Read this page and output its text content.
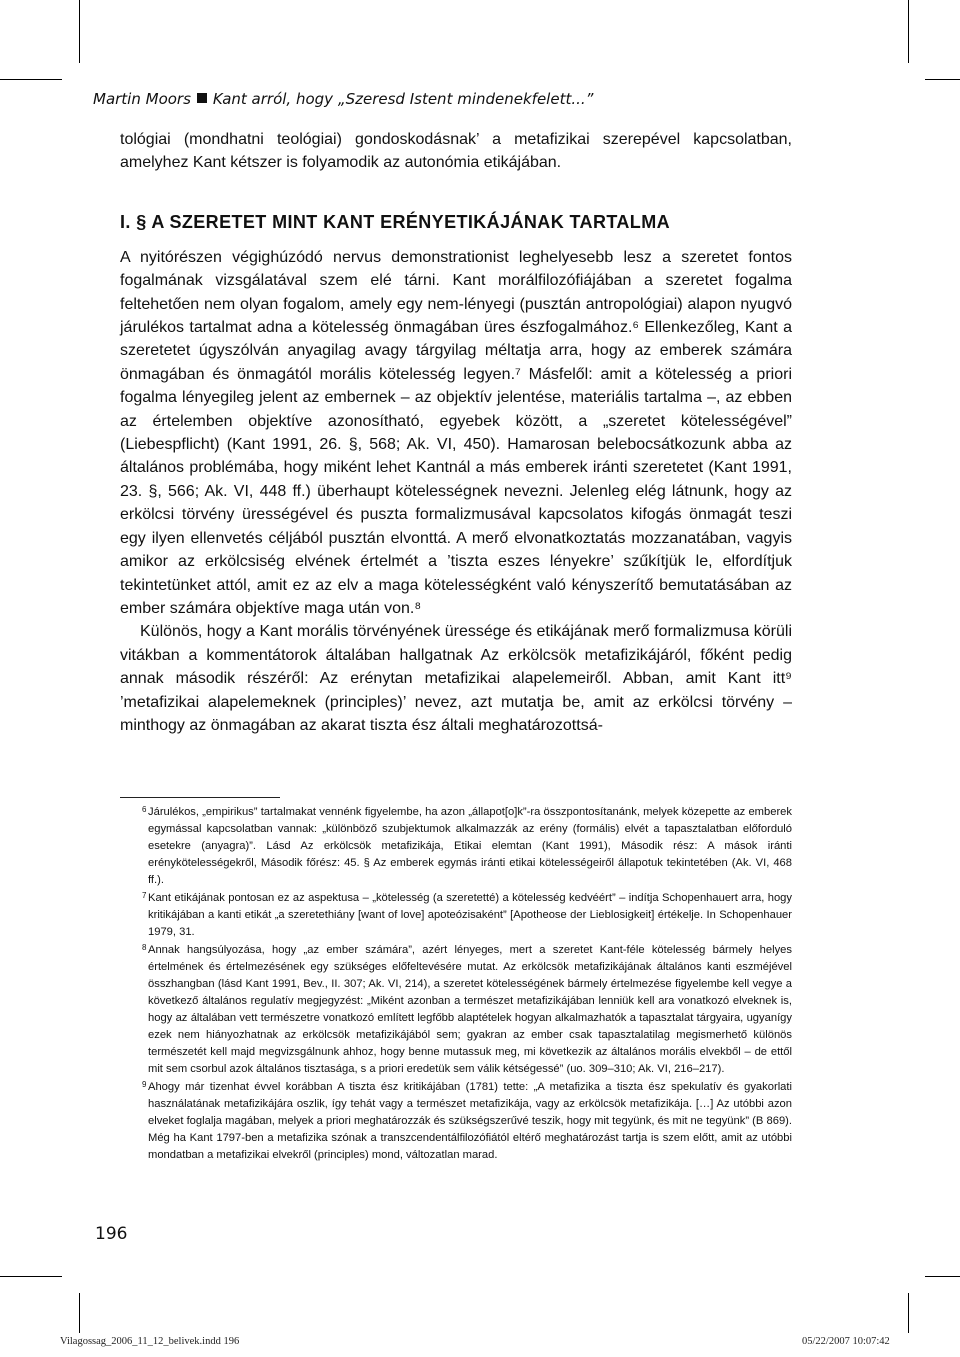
Martin Moors Kant arról, hogy „Szeresd Istent mindenekfelett...”

tológiai (mondhatni teológiai) gondoskodásnak’ a metafizikai szerepével kapcsolatban, amelyhez Kant kétszer is folyamodik az autonómia etikájában.

I. § A SZERETET MINT KANT ERÉNYETIKÁJÁNAK TARTALMA

A nyitórészen végighúzódó nervus demonstrationist leghelyesebb lesz a szeretet fontos fogalmának vizsgálatával szem elé tárni. Kant morálfilozófiájában a szeretet fogalma feltehetően nem olyan fogalom, amely egy nem-lényegi (pusztán antropológiai) alapon nyugvó járulékos tartalmat adna a kötelesség önmagában üres észfogalmához.⁶ Ellenkezőleg, Kant a szeretetet úgyszólván anyagilag avagy tárgyilag méltatja arra, hogy az emberek számára önmagában és önmagától morális kötelesség legyen.⁷ Másfelől: amit a kötelesség a priori fogalma lényegileg jelent az embernek – az objektív jelentése, materiális tartalma –, az ebben az értelemben objektíve azonosítható, egyebek között, a „szeretet kötelességével” (Liebespflicht) (Kant 1991, 26. §, 568; Ak. VI, 450). Hamarosan belebocsátkozunk abba az általános problémába, hogy miként lehet Kantnál a más emberek iránti szeretetet (Kant 1991, 23. §, 566; Ak. VI, 448 ff.) überhaupt kötelességnek nevezni. Jelenleg elég látnunk, hogy az erkölcsi törvény ürességével és puszta formalizmusával kapcsolatos kifogás önmagát teszi egy ilyen ellenvetés céljából pusztán elvonttá. A merő elvonatkoztatás mozzanatában, vagyis amikor az erkölcsiség elvének értelmét a ’tiszta eszes lényekre’ szűkítjük le, elfordítjuk tekintetünket attól, amit ez az elv a maga kötelességként való kényszerítő bemutatásában az ember számára objektíve maga után von.⁸

Különös, hogy a Kant morális törvényének üressége és etikájának merő formalizmusa körüli vitákban a kommentátorok általában hallgatnak Az erkölcsök metafizikájáról, főként pedig annak második részéről: Az erénytan metafizikai alapelemeiről. Abban, amit Kant itt⁹ ’metafizikai alapelemeknek (principles)’ nevez, azt mutatja be, amit az erkölcsi törvény – minthogy az önmagában az akarat tiszta ész általi meghatározottsá-

6 Járulékos, „empirikus” tartalmakat vennénk figyelembe, ha azon „állapot[o]k”-ra összpontosítanánk, melyek közepette az emberek egymással kapcsolatban vannak: „különböző szubjektumok alkalmazzák az erény (formális) elvét a tapasztalatban előforduló esetekre (anyagra)”. Lásd Az erkölcsök metafizikája, Etikai elemtan (Kant 1991), Második rész: A mások iránti erénykötelességekről, Második főrész: 45. § Az emberek egymás iránti etikai kötelességeiről állapotuk tekintetében (Ak. VI, 468 ff.).
7 Kant etikájának pontosan ez az aspektusa – „kötelesség (a szeretetté) a kötelesség kedvéért” – indítja Schopenhauert arra, hogy kritikájában a kanti etikát „a szeretethiány [want of love] apoteózisaként” [Apotheose der Lieblosigkeit] értékelje. In Schopenhauer 1979, 31.
8 Annak hangsúlyozása, hogy „az ember számára”, azért lényeges, mert a szeretet Kant-féle kötelesség bármely helyes értelmének és értelmezésének egy szükséges előfeltevésére mutat. Az erkölcsök metafizikájának általános kanti eszméjével összhangban (lásd Kant 1991, Bev., II. 307; Ak. VI, 214), a szeretet kötelességének bármely értelmezése figyelembe kell vegye a következő általános regulatív megjegyzést: „Miként azonban a természet metafizikájában lenniük kell ara vonatkozó elveknek is, hogy az általában vett természetre vonatkozó említett legfőbb alaptételek hogyan alkalmazhatók a tapasztalat tárgyaira, ugyanígy ezek nem hiányozhatnak az erkölcsök metafizikájából sem; gyakran az ember csak tapasztalatilag megismerhető különös természetét kell majd megvizsgálnunk ahhoz, hogy benne mutassuk meg, mi következik az általános morális elvekből – de ettől mit sem csorbul azok általános tisztasága, s a priori eredetük sem válik kétségessé” (uo. 309–310; Ak. VI, 216–217).
9 Ahogy már tizenhat évvel korábban A tiszta ész kritikájában (1781) tette: „A metafizika a tiszta ész spekulatív és gyakorlati használatának metafizikájára oszlik, így tehát vagy a természet metafizikája, vagy az erkölcsök metafizikája. […] Az utóbbi azon elveket foglalja magában, melyek a priori meghatározzák és szükségszerűvé teszik, hogy mit tegyünk, és mit ne tegyünk” (B 869). Még ha Kant 1797-ben a metafizika szónak a transzcendentálfilozófiától eltérő meghatározást tartja is szem előtt, amit az utóbbi mondatban a metafizikai elvekről (principles) mond, változatlan marad.
196
Vilagossag_2006_11_12_belivek.indd 196	05/22/2007 10:07:42
